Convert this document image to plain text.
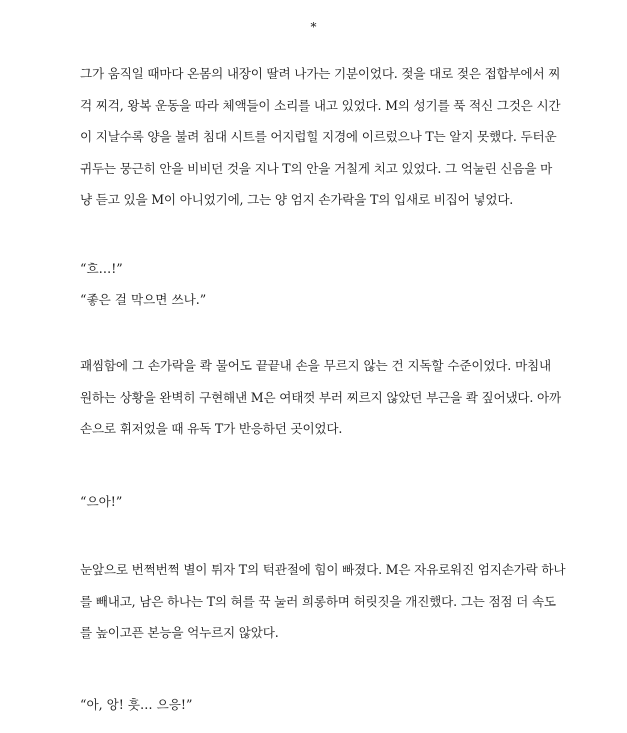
*
그가 움직일 때마다 온몸의 내장이 딸려 나가는 기분이었다. 젖을 대로 젖은 접합부에서 찌
걱 찌걱, 왕복 운동을 따라 체액들이 소리를 내고 있었다. M의 성기를 푹 적신 그것은 시간
이 지날수록 양을 불려 침대 시트를 어지럽힐 지경에 이르렀으나 T는 알지 못했다. 두터운
귀두는 뭉근히 안을 비비던 것을 지나 T의 안을 거칠게 치고 있었다. 그 억눌린 신음을 마
냥 듣고 있을 M이 아니었기에, 그는 양 엄지 손가락을 T의 입새로 비집어 넣었다.
“흐…!”
“좋은 걸 막으면 쓰나.”
괘씸함에 그 손가락을 콱 물어도 끝끝내 손을 무르지 않는 건 지독할 수준이었다. 마침내
원하는 상황을 완벽히 구현해낸 M은 여태껏 부러 찌르지 않았던 부근을 콱 짚어냈다. 아까
손으로 휘저었을 때 유독 T가 반응하던 곳이었다.
“으아!”
눈앞으로 번쩍번쩍 별이 튀자 T의 턱관절에 힘이 빠졌다. M은 자유로워진 엄지손가락 하나
를 빼내고, 남은 하나는 T의 혀를 꾹 눌러 희롱하며 허릿짓을 개진했다. 그는 점점 더 속도
를 높이고픈 본능을 억누르지 않았다.
“아, 앙! 흣… 으응!”
